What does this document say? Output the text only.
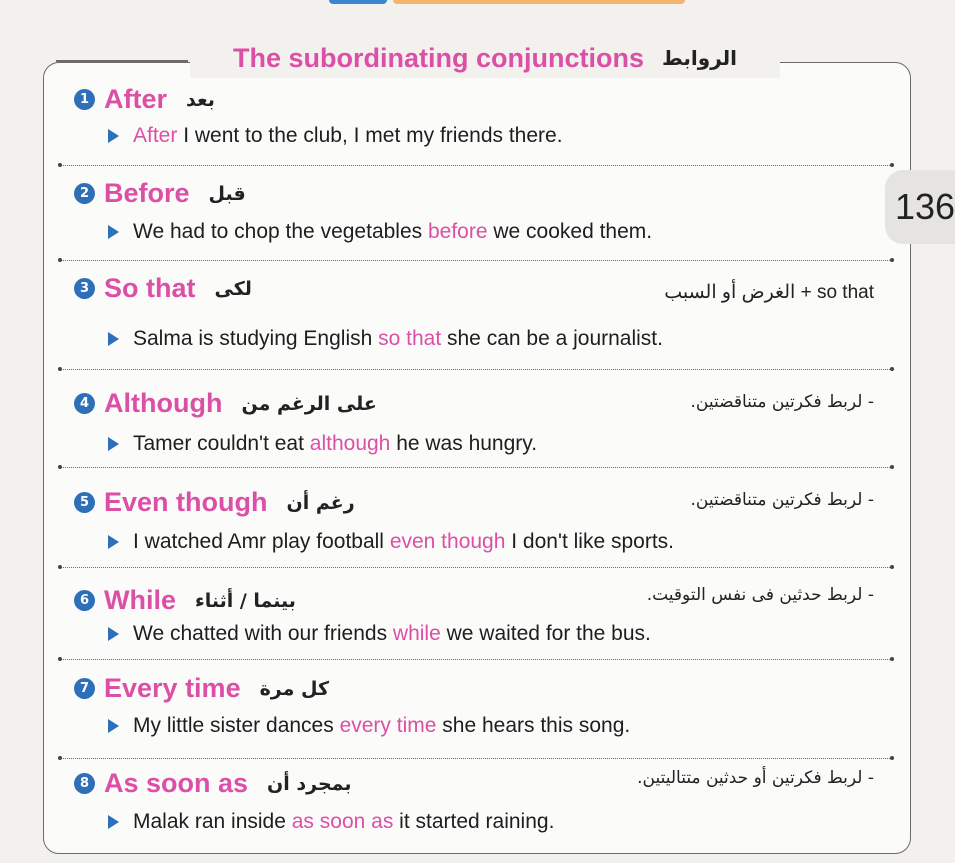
The subordinating conjunctions الروابط
136
1 After بعد
After I went to the club, I met my friends there.
2 Before قبل
We had to chop the vegetables before we cooked them.
3 So that لكى	الغرض أو السبب + so that
Salma is studying English so that she can be a journalist.
4 Although على الرغم من	- لربط فكرتين متناقضتين.
Tamer couldn't eat although he was hungry.
5 Even though رغم أن	- لربط فكرتين متناقضتين.
I watched Amr play football even though I don't like sports.
6 While بينما / أثناء	- لربط حدثين فى نفس التوقيت.
We chatted with our friends while we waited for the bus.
7 Every time كل مرة
My little sister dances every time she hears this song.
8 As soon as بمجرد أن	- لربط فكرتين أو حدثين متتاليتين.
Malak ran inside as soon as it started raining.
